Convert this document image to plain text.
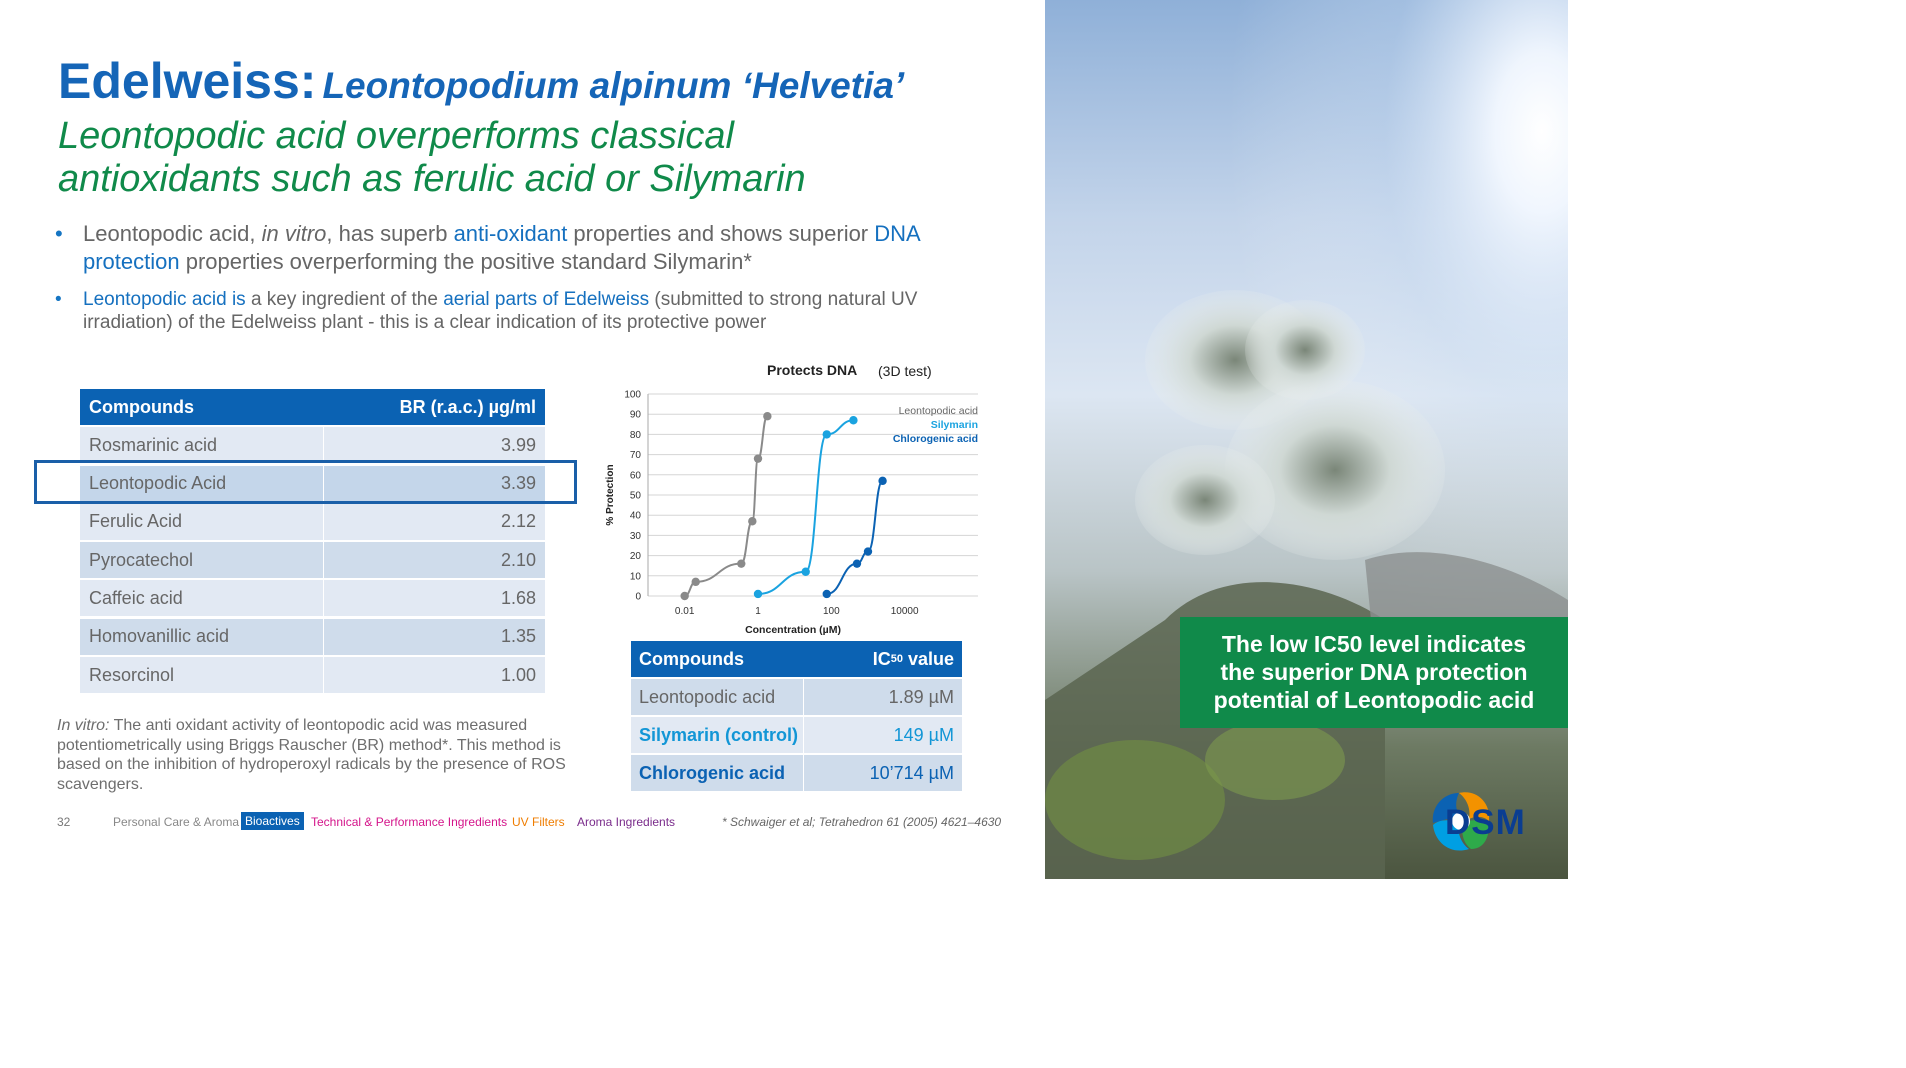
The low IC50 level indicates
the superior DNA protection
potential of Leontopodic acid
DSM
Edelweiss: Leontopodium alpinum ‘Helvetia’
Leontopodic acid overperforms classical
antioxidants such as ferulic acid or Silymarin
• Leontopodic acid, in vitro, has superb anti-oxidant properties and shows superior DNA protection properties overperforming the positive standard Silymarin*
• Leontopodic acid is a key ingredient of the aerial parts of Edelweiss (submitted to strong natural UV irradiation) of the Edelweiss plant - this is a clear indication of its protective power
Compounds	BR (r.a.c.) µg/ml
Rosmarinic acid	3.99
Leontopodic Acid	3.39
Ferulic Acid	2.12
Pyrocatechol	2.10
Caffeic acid	1.68
Homovanillic acid	1.35
Resorcinol	1.00
In vitro: The anti oxidant activity of leontopodic acid was measured potentiometrically using Briggs Rauscher (BR) method*. This method is based on the inhibition of hydroperoxyl radicals by the presence of ROS scavengers.
Protects DNA (3D test)
0
10
20
30
40
50
60
70
80
90
100
0.01	1	100	10000
Concentration (µM)
% Protection
Leontopodic acid
Silymarin
Chlorogenic acid
Compounds	IC 50 value
Leontopodic acid	1.89 µM
Silymarin (control)	149 µM
Chlorogenic acid	10’714 µM
32	Personal Care & Aroma Bioactives Technical & Performance Ingredients UV Filters Aroma Ingredients	* Schwaiger et al; Tetrahedron 61 (2005) 4621–4630
